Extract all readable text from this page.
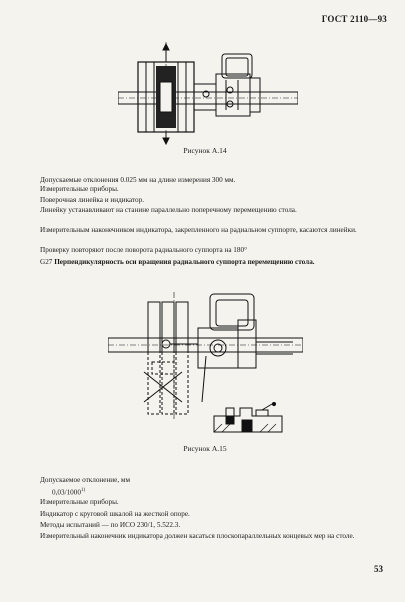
ГОСТ 2110—93
Рисунок А.14
Допускаемые отклонения 0.025 мм на длине измерения 300 мм.
Измерительные приборы.
Поверочная линейка и индикатор.
Линейку устанавливают на станине параллельно поперечному перемещению стола.
Измерительным наконечником индикатора, закрепленного на радиальном суппорте, касаются линейки.
Проверку повторяют после поворота радиального суппорта на 180°
G27 Перпендикулярность оси вращения радиального суппорта перемещению стола.
Рисунок А.15
Допускаемое отклонение, мм
0,03/1000$^{1)}$
Измерительные приборы.
Индикатор с круговой шкалой на жесткой опоре.
Методы испытаний — по ИСО 230/1, 5.522.3.
Измерительный наконечник индикатора должен касаться плоскопараллельных концевых мер на столе.
53
